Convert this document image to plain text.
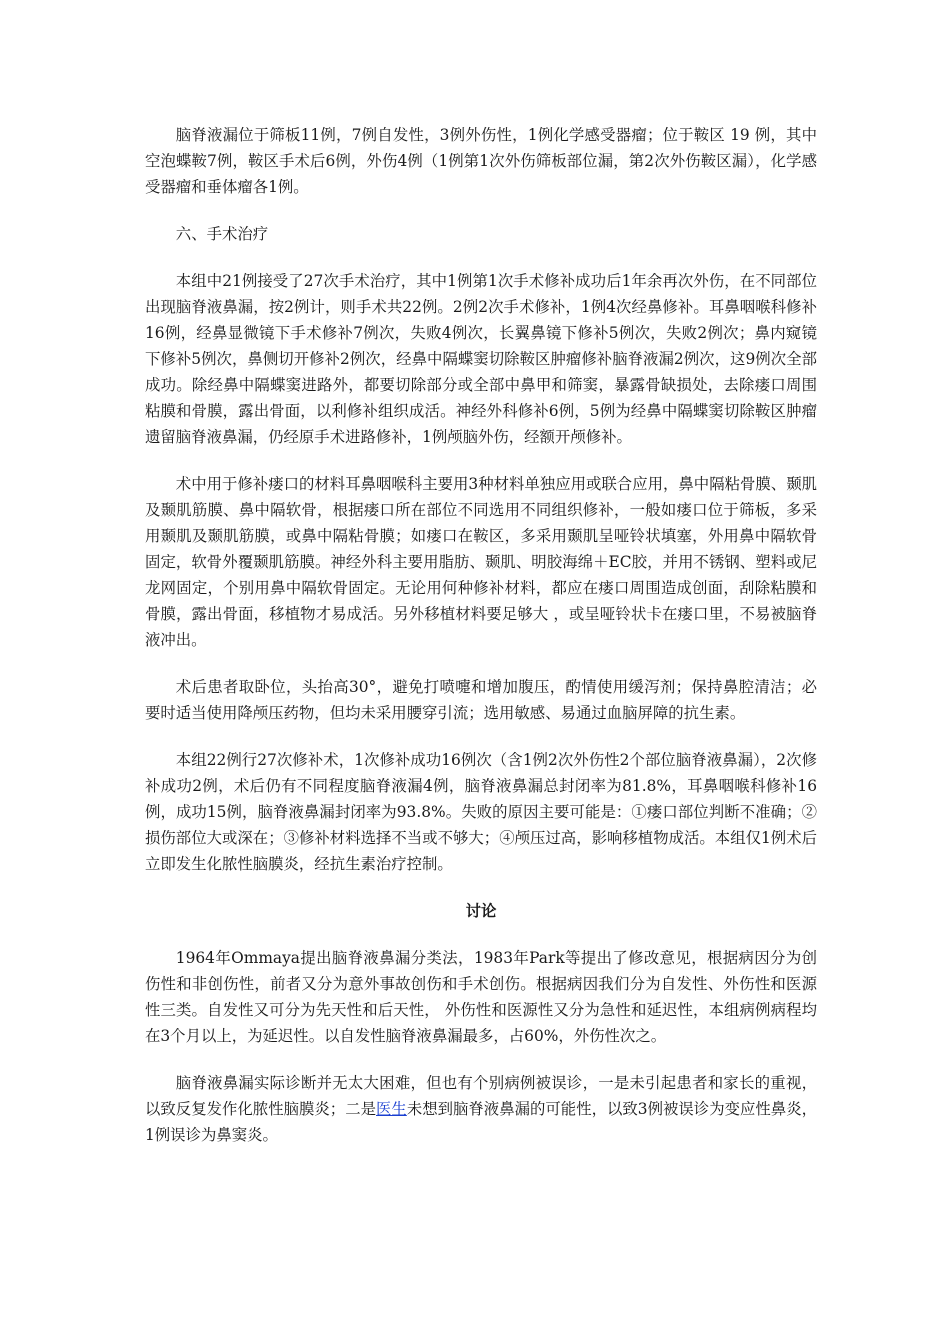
脑脊液漏位于筛板11例，7例自发性，3例外伤性，1例化学感受器瘤；位于鞍区 19 例，其中空泡蝶鞍7例，鞍区手术后6例，外伤4例（1例第1次外伤筛板部位漏，第2次外伤鞍区漏），化学感受器瘤和垂体瘤各1例。

六、手术治疗

本组中21例接受了27次手术治疗，其中1例第1次手术修补成功后1年余再次外伤，在不同部位出现脑脊液鼻漏，按2例计，则手术共22例。2例2次手术修补，1例4次经鼻修补。耳鼻咽喉科修补16例，经鼻显微镜下手术修补7例次，失败4例次，长翼鼻镜下修补5例次，失败2例次；鼻内窥镜下修补5例次，鼻侧切开修补2例次，经鼻中隔蝶窦切除鞍区肿瘤修补脑脊液漏2例次，这9例次全部成功。除经鼻中隔蝶窦进路外，都要切除部分或全部中鼻甲和筛窦，暴露骨缺损处，去除瘘口周围粘膜和骨膜，露出骨面，以利修补组织成活。神经外科修补6例，5例为经鼻中隔蝶窦切除鞍区肿瘤遗留脑脊液鼻漏，仍经原手术进路修补，1例颅脑外伤，经额开颅修补。

术中用于修补瘘口的材料耳鼻咽喉科主要用3种材料单独应用或联合应用，鼻中隔粘骨膜、颞肌及颞肌筋膜、鼻中隔软骨，根据瘘口所在部位不同选用不同组织修补，一般如瘘口位于筛板，多采用颞肌及颞肌筋膜，或鼻中隔粘骨膜；如瘘口在鞍区，多采用颞肌呈哑铃状填塞，外用鼻中隔软骨固定，软骨外覆颞肌筋膜。神经外科主要用脂肪、颞肌、明胶海绵＋EC胶，并用不锈钢、塑料或尼龙网固定，个别用鼻中隔软骨固定。无论用何种修补材料，都应在瘘口周围造成创面，刮除粘膜和骨膜，露出骨面，移植物才易成活。另外移植材料要足够大 ，或呈哑铃状卡在瘘口里，不易被脑脊液冲出。

术后患者取卧位，头抬高30°，避免打喷嚏和增加腹压，酌情使用缓泻剂；保持鼻腔清洁；必要时适当使用降颅压药物，但均未采用腰穿引流；选用敏感、易通过血脑屏障的抗生素。

本组22例行27次修补术，1次修补成功16例次（含1例2次外伤性2个部位脑脊液鼻漏），2次修补成功2例，术后仍有不同程度脑脊液漏4例，脑脊液鼻漏总封闭率为81.8%，耳鼻咽喉科修补16例，成功15例，脑脊液鼻漏封闭率为93.8%。失败的原因主要可能是：①瘘口部位判断不准确；②损伤部位大或深在；③修补材料选择不当或不够大；④颅压过高，影响移植物成活。本组仅1例术后立即发生化脓性脑膜炎，经抗生素治疗控制。

讨论

1964年Ommaya提出脑脊液鼻漏分类法，1983年Park等提出了修改意见，根据病因分为创伤性和非创伤性，前者又分为意外事故创伤和手术创伤。根据病因我们分为自发性、外伤性和医源性三类。自发性又可分为先天性和后天性， 外伤性和医源性又分为急性和延迟性，本组病例病程均在3个月以上，为延迟性。以自发性脑脊液鼻漏最多，占60%，外伤性次之。

脑脊液鼻漏实际诊断并无太大困难，但也有个别病例被误诊，一是未引起患者和家长的重视，以致反复发作化脓性脑膜炎；二是医生未想到脑脊液鼻漏的可能性，以致3例被误诊为变应性鼻炎，1例误诊为鼻窦炎。
